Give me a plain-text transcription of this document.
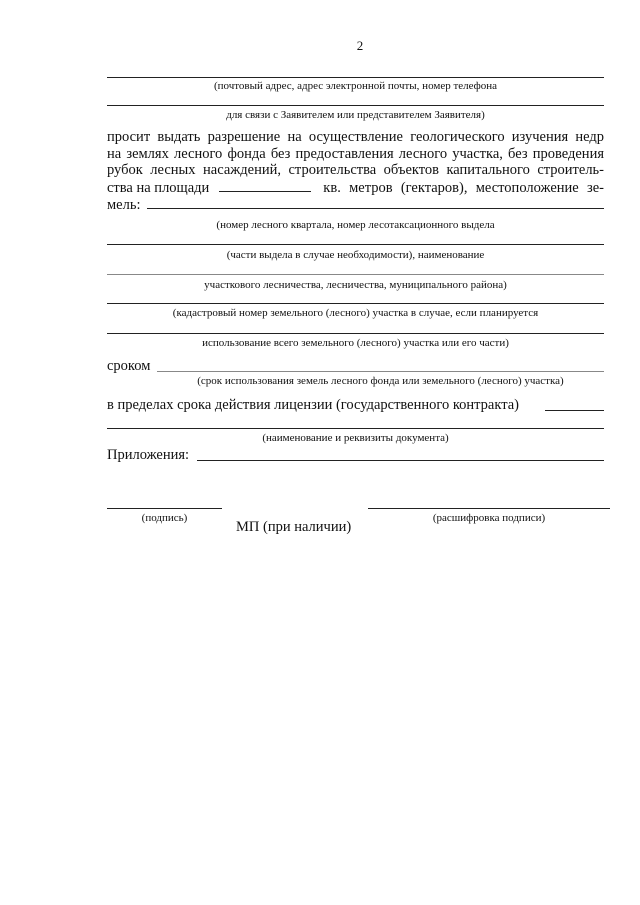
2
(почтовый адрес, адрес электронной почты, номер телефона
для связи с Заявителем или представителем Заявителя)
просит выдать разрешение на осуществление геологического изучения недр
на землях лесного фонда без предоставления лесного участка, без проведения
рубок лесных насаждений, строительства объектов капитального строитель-
ства на площади	кв. метров (гектаров), местоположение зе-
мель:
(номер лесного квартала, номер лесотаксационного выдела
(части выдела в случае необходимости), наименование
участкового лесничества, лесничества, муниципального района)
(кадастровый номер земельного (лесного) участка в случае, если планируется
использование всего земельного (лесного) участка или его части)
сроком
(срок использования земель лесного фонда или земельного (лесного) участка)
в пределах срока действия лицензии (государственного контракта)
(наименование и реквизиты документа)
Приложения:
(подпись)
МП (при наличии)
(расшифровка подписи)
